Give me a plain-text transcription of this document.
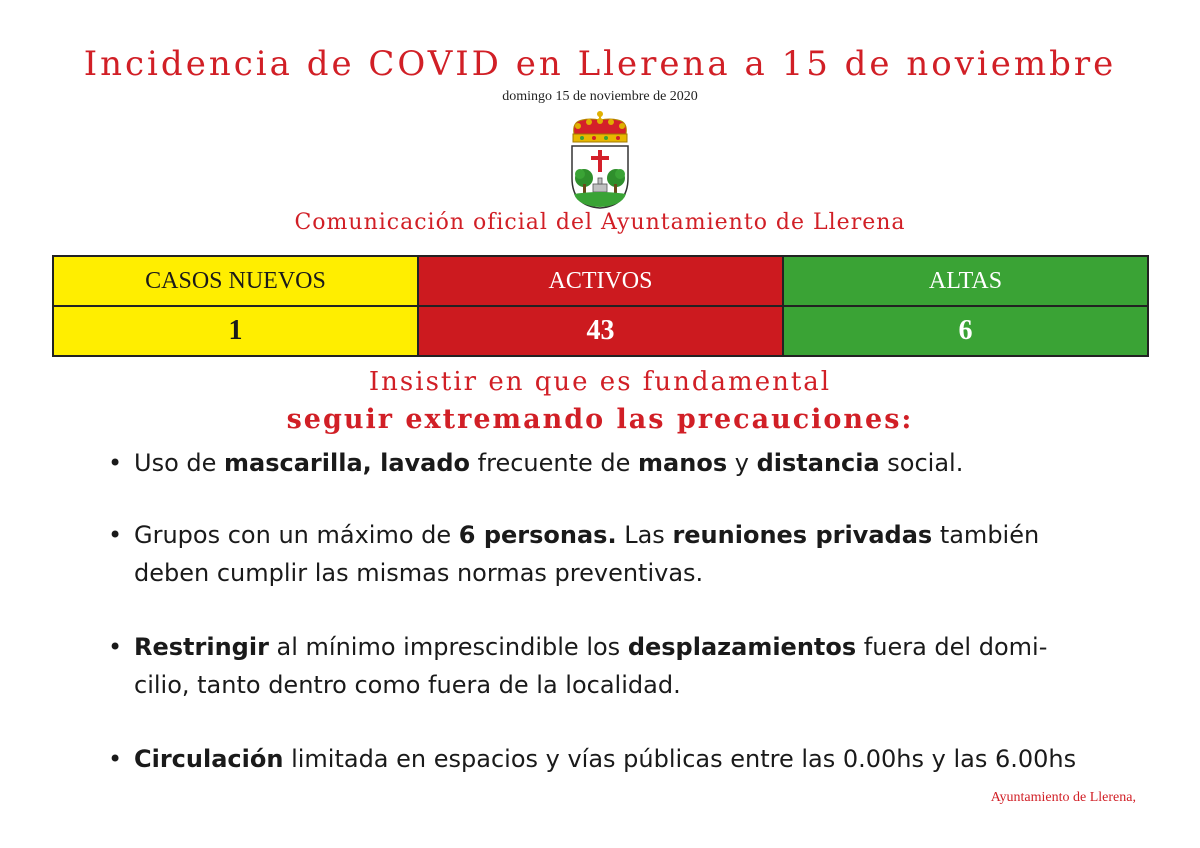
Incidencia de COVID en Llerena a 15 de noviembre
domingo 15 de noviembre de 2020
Comunicación oficial del Ayuntamiento de Llerena
CASOS NUEVOS	ACTIVOS	ALTAS
1	43	6
Insistir en que es fundamental
seguir extremando las precauciones:
• Uso de mascarilla, lavado frecuente de manos y distancia social.
• Grupos con un máximo de 6 personas. Las reuniones privadas también
deben cumplir las mismas normas preventivas.
• Restringir al mínimo imprescindible los desplazamientos fuera del domi-
cilio, tanto dentro como fuera de la localidad.
• Circulación limitada en espacios y vías públicas entre las 0.00hs y las 6.00hs
Ayuntamiento de Llerena,
